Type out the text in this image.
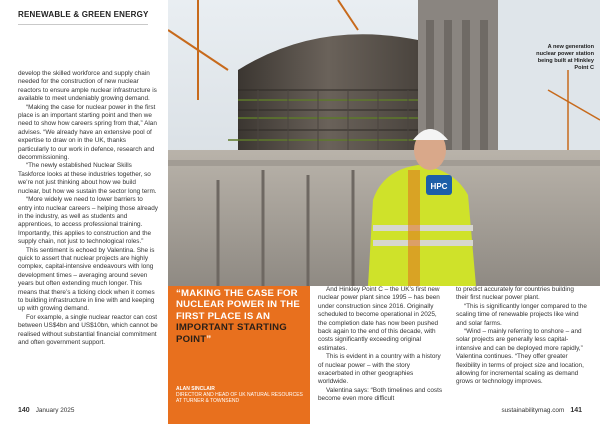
RENEWABLE & GREEN ENERGY

develop the skilled workforce and supply chain needed for the construction of new nuclear reactors to ensure ample nuclear infrastructure is available to meet undeniably growing demand.

“Making the case for nuclear power in the first place is an important starting point and then we need to show how careers spring from that,” Alan advises. “We already have an extensive pool of expertise to draw on in the UK, thanks particularly to our work in defence, research and decommissioning.

“The newly established Nuclear Skills Taskforce looks at these industries together, so we’re not just thinking about how we build nuclear, but how we sustain the sector long term.

“More widely we need to lower barriers to entry into nuclear careers – helping those already in the industry, as well as students and apprentices, to access professional training. Importantly, this applies to construction and the supply chain, not just to technological roles.”

This sentiment is echoed by Valentina. She is quick to assert that nuclear projects are highly complex, capital-intensive endeavours with long development times – averaging around seven years but often extending much longer. This means that there’s a ticking clock when it comes to building infrastructure in line with and keeping up with growing demand.

For example, a single nuclear reactor can cost between US$4bn and US$10bn, which cannot be realised without substantial financial commitment and often government support.

HPC
A new generation nuclear power station being built at Hinkley Point C
“MAKING THE CASE FOR NUCLEAR POWER IN THE FIRST PLACE IS AN IMPORTANT STARTING POINT”
ALAN SINCLAIR
DIRECTOR AND HEAD OF UK NATURAL RESOURCES AT TURNER & TOWNSEND

And Hinkley Point C – the UK’s first new nuclear power plant since 1995 – has been under construction since 2016. Originally scheduled to become operational in 2025, the completion date has now been pushed back again to the end of this decade, with costs significantly exceeding original estimates.

This is evident in a country with a history of nuclear power – with the story exacerbated in other geographies worldwide.

Valentina says: “Both timelines and costs become even more difficult

to predict accurately for countries building their first nuclear power plant.

“This is significantly longer compared to the scaling time of renewable projects like wind and solar farms.

“Wind – mainly referring to onshore – and solar projects are generally less capital-intensive and can be deployed more rapidly,” Valentina continues. “They offer greater flexibility in terms of project size and location, allowing for incremental scaling as demand grows or technology improves.

140 January 2025	sustainabilitymag.com 141
